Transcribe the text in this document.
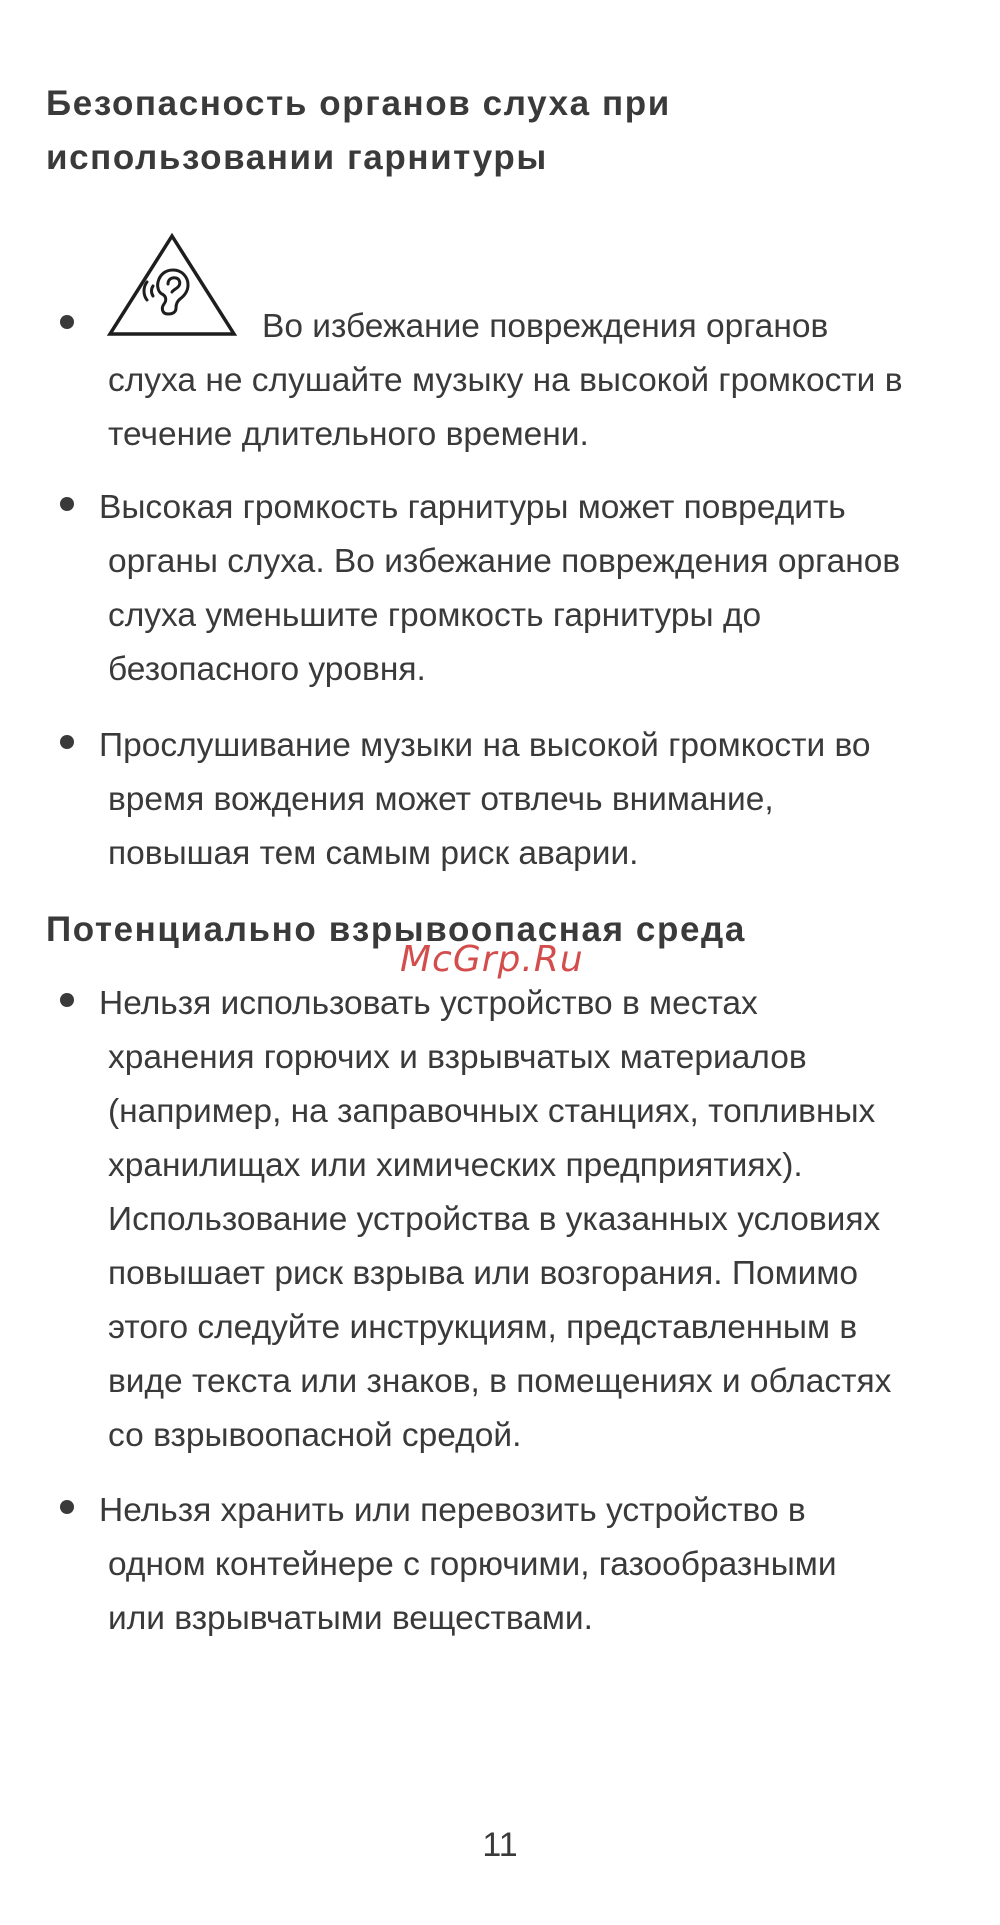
Безопасность органов слуха при
использовании гарнитуры
Во избежание повреждения органов
слуха не слушайте музыку на высокой громкости в
течение длительного времени.
Высокая громкость гарнитуры может повредить
органы слуха. Во избежание повреждения органов
слуха уменьшите громкость гарнитуры до
безопасного уровня.
Прослушивание музыки на высокой громкости во
время вождения может отвлечь внимание,
повышая тем самым риск аварии.
Потенциально взрывоопасная среда
McGrp.Ru
Нельзя использовать устройство в местах
хранения горючих и взрывчатых материалов
(например, на заправочных станциях, топливных
хранилищах или химических предприятиях).
Использование устройства в указанных условиях
повышает риск взрыва или возгорания. Помимо
этого следуйте инструкциям, представленным в
виде текста или знаков, в помещениях и областях
со взрывоопасной средой.
Нельзя хранить или перевозить устройство в
одном контейнере с горючими, газообразными
или взрывчатыми веществами.
11
